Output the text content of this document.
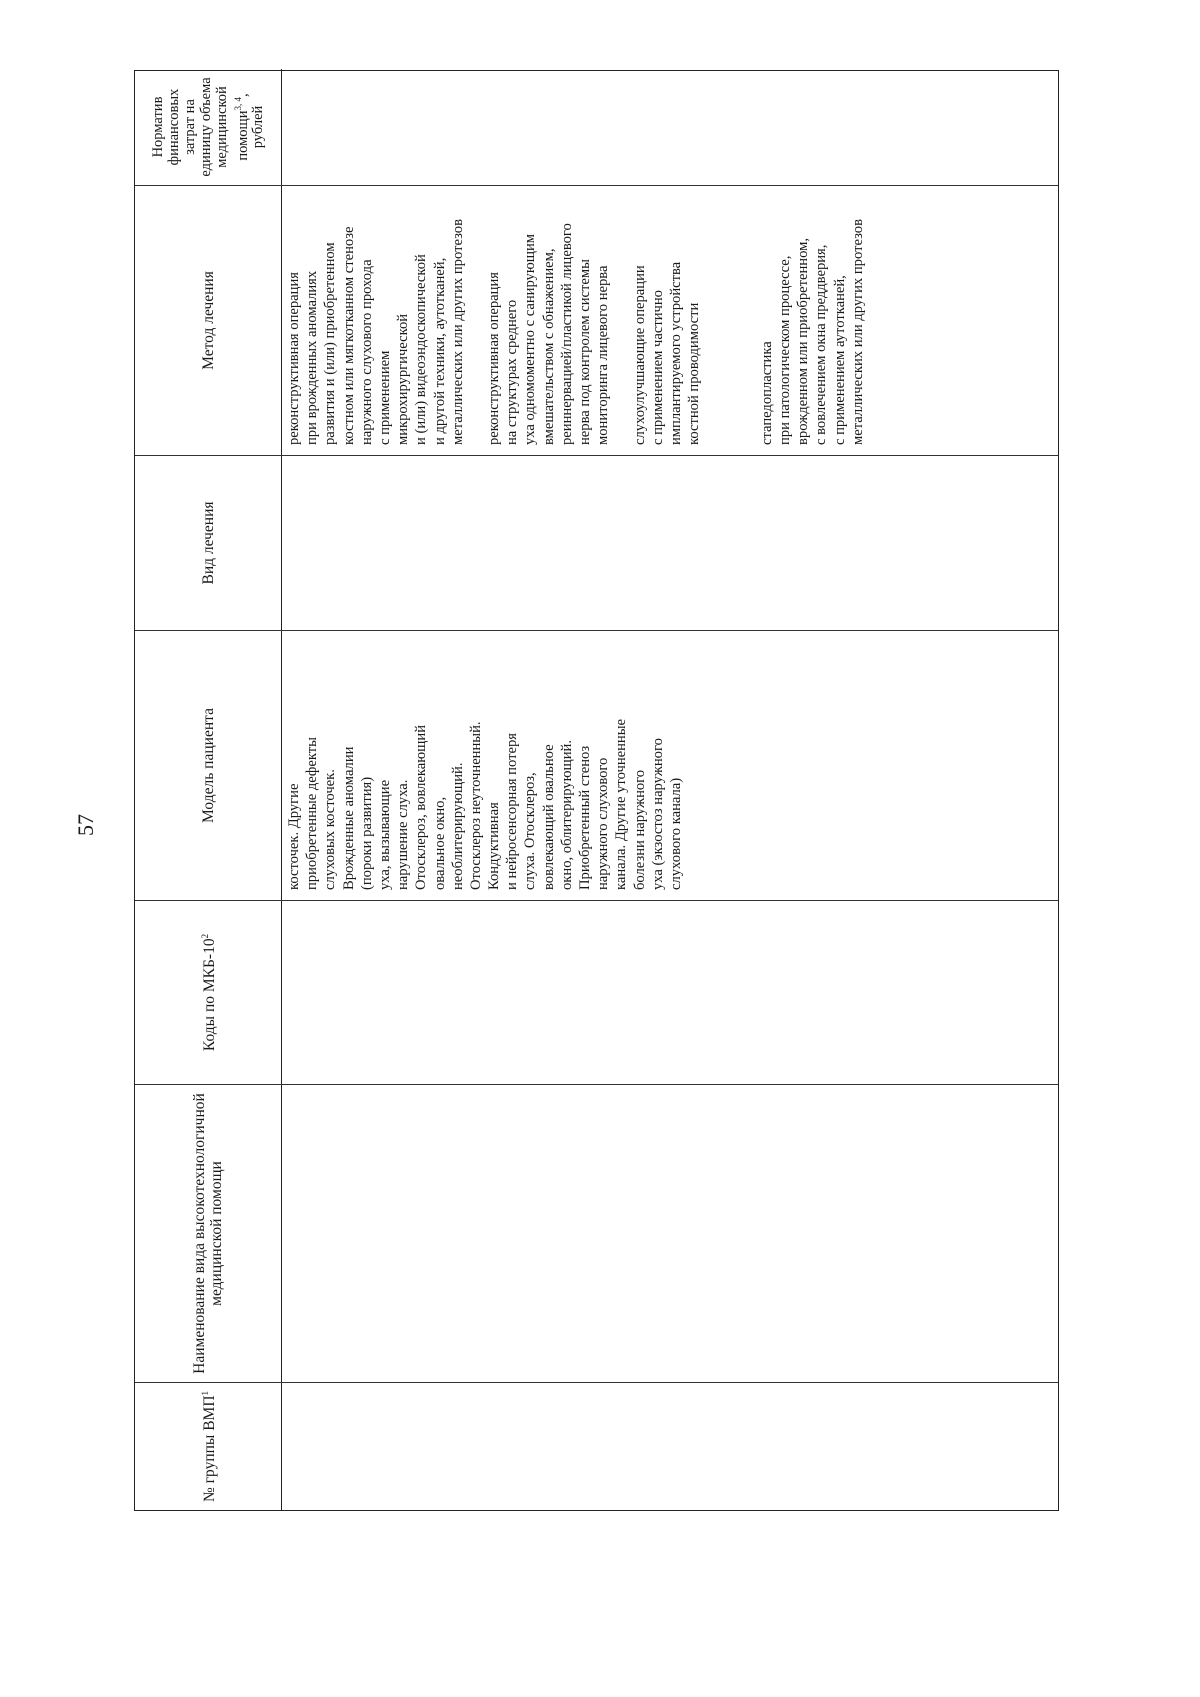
57
№ группы ВМП$^1$
Наименование вида высокотехнологичной медицинской помощи
Коды по МКБ-$10^2$
Модель пациента
косточек. Другие приобретенные дефекты слуховых косточек. Врожденные аномалии (пороки развития) уха, вызывающие нарушение слуха. Отосклероз, вовлекающий овальное окно, необлитерирующий. Отосклероз неуточненный. Кондуктивная и нейросенсорная потеря слуха. Отосклероз, вовлекающий овальное окно, облитерирующий. Приобретенный стеноз наружного слухового канала. Другие уточненные болезни наружного уха (экзостоз наружного слухового канала)
Вид лечения
Метод лечения	реконструктивная операция при врожденных аномалиях развития и (или) приобретенном костном или мягкотканном стенозе наружного слухового прохода с применением микрохирургической и (или) видеоэндоскопической и другой техники, аутотканей, металлических или других протезов реконструктивная операция на структурах среднего уха одномоментно с санирующим вмешательством с обнажением, реиннервацией/пластикой лицевого нерва под контролем системы мониторинга лицевого нерва слухоулучшающие операции с применением частично имплантируемого устройства костной проводимости	стапедопластика при патологическом процессе, врожденном или приобретенном, с вовлечением окна преддверия, с применением аутотканей, металлических или других протезов
Норматив финансовых затрат на единицу объема медицинской помощи$^{3, 4}$, рублей
